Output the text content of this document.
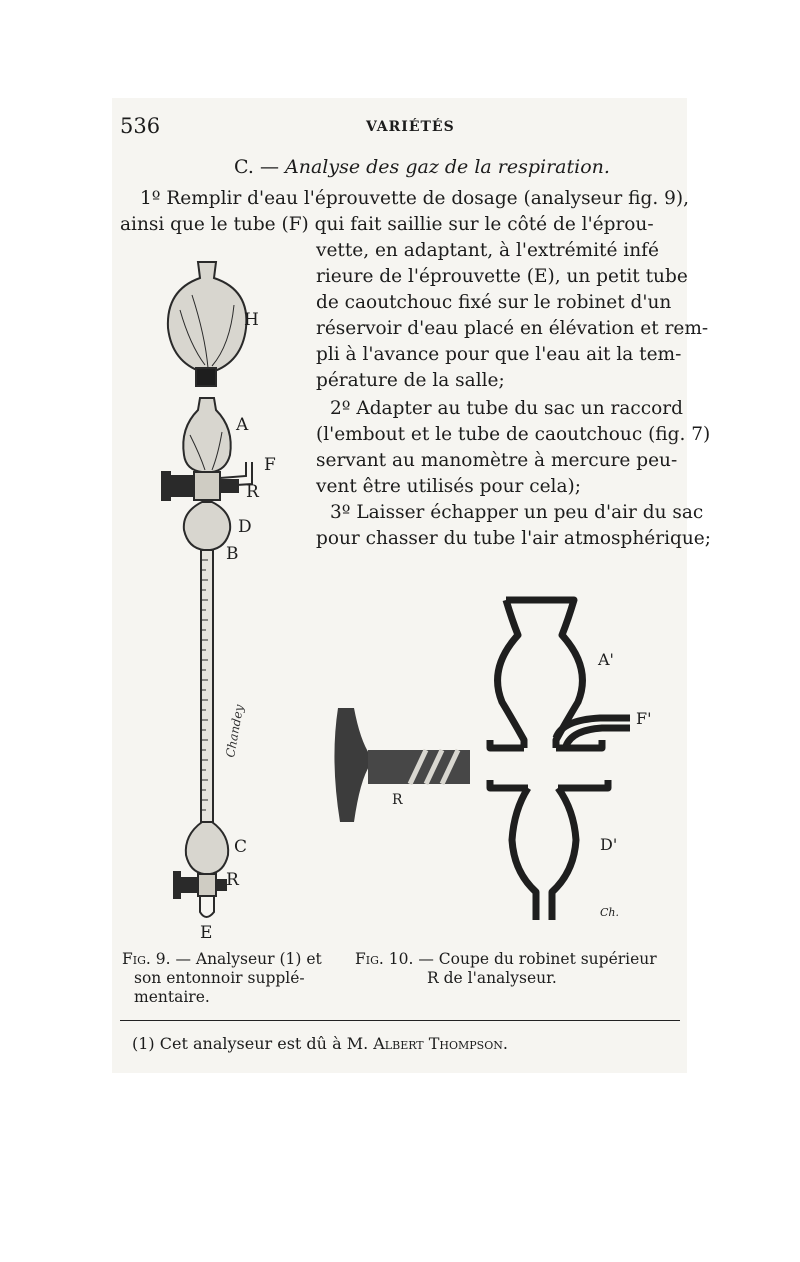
536	VARIÉTÉS
C. — Analyse des gaz de la respiration.
1º Remplir d'eau l'éprouvette de dosage (analyseur fig. 9),
ainsi que le tube (F) qui fait saillie sur le côté de l'éprou-
vette, en adaptant, à l'extrémité infé
rieure de l'éprouvette (E), un petit tube
de caoutchouc fixé sur le robinet d'un
réservoir d'eau placé en élévation et rem-
pli à l'avance pour que l'eau ait la tem-
pérature de la salle;
2º Adapter au tube du sac un raccord
(l'embout et le tube de caoutchouc (fig. 7)
servant au manomètre à mercure peu-
vent être utilisés pour cela);
3º Laisser échapper un peu d'air du sac
pour chasser du tube l'air atmosphérique;
H
A
F
R
D
B
C
R
E
Chandey
A'
F'
R
D'
Ch.
Fig. 9. — Analyseur (1) et
son entonnoir supplé-
mentaire.
Fig. 10. — Coupe du robinet supérieur
R de l'analyseur.
(1) Cet analyseur est dû à M. Albert Thompson.
